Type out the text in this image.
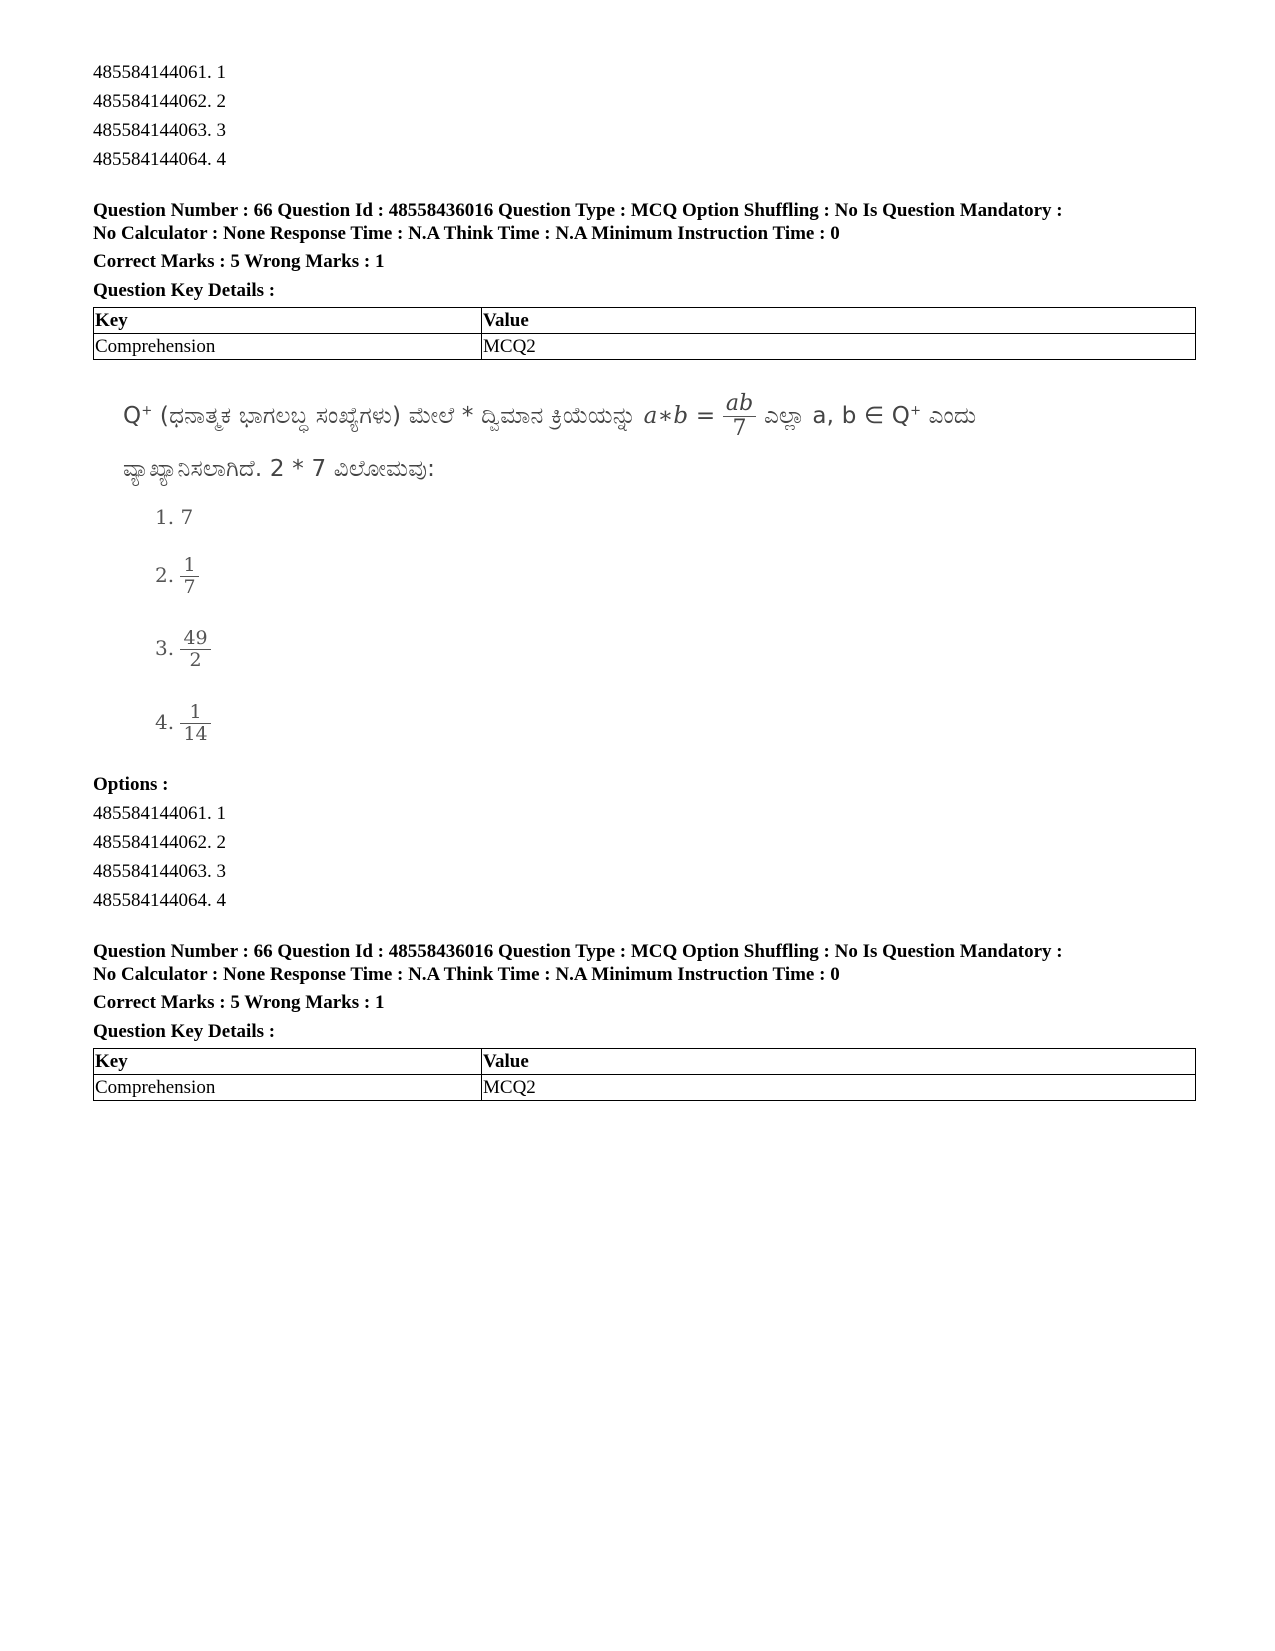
485584144061. 1
485584144062. 2
485584144063. 3
485584144064. 4
Question Number : 66 Question Id : 48558436016 Question Type : MCQ Option Shuffling : No Is Question Mandatory :
No Calculator : None Response Time : N.A Think Time : N.A Minimum Instruction Time : 0
Correct Marks : 5 Wrong Marks : 1
Question Key Details :
Key	Value
Comprehension	MCQ2
Q+ (ಧನಾತ್ಮಕ ಭಾಗಲಬ್ಧ ಸಂಖ್ಯೆಗಳು) ಮೇಲೆ * ದ್ವಿಮಾನ ಕ್ರಿಯೆಯನ್ನು a∗b = $\frac{ab}{7}$ ಎಲ್ಲಾ a, b ∈ Q+ ಎಂದು
ವ್ಯಾಖ್ಯಾನಿಸಲಾಗಿದೆ. 2 * 7 ವಿಲೋಮವು:
1. 7
2. $\frac{1}{7}$
3. $\frac{49}{2}$
4. $\frac{1}{14}$
Options :
485584144061. 1
485584144062. 2
485584144063. 3
485584144064. 4
Question Number : 66 Question Id : 48558436016 Question Type : MCQ Option Shuffling : No Is Question Mandatory :
No Calculator : None Response Time : N.A Think Time : N.A Minimum Instruction Time : 0
Correct Marks : 5 Wrong Marks : 1
Question Key Details :
Key	Value
Comprehension	MCQ2
